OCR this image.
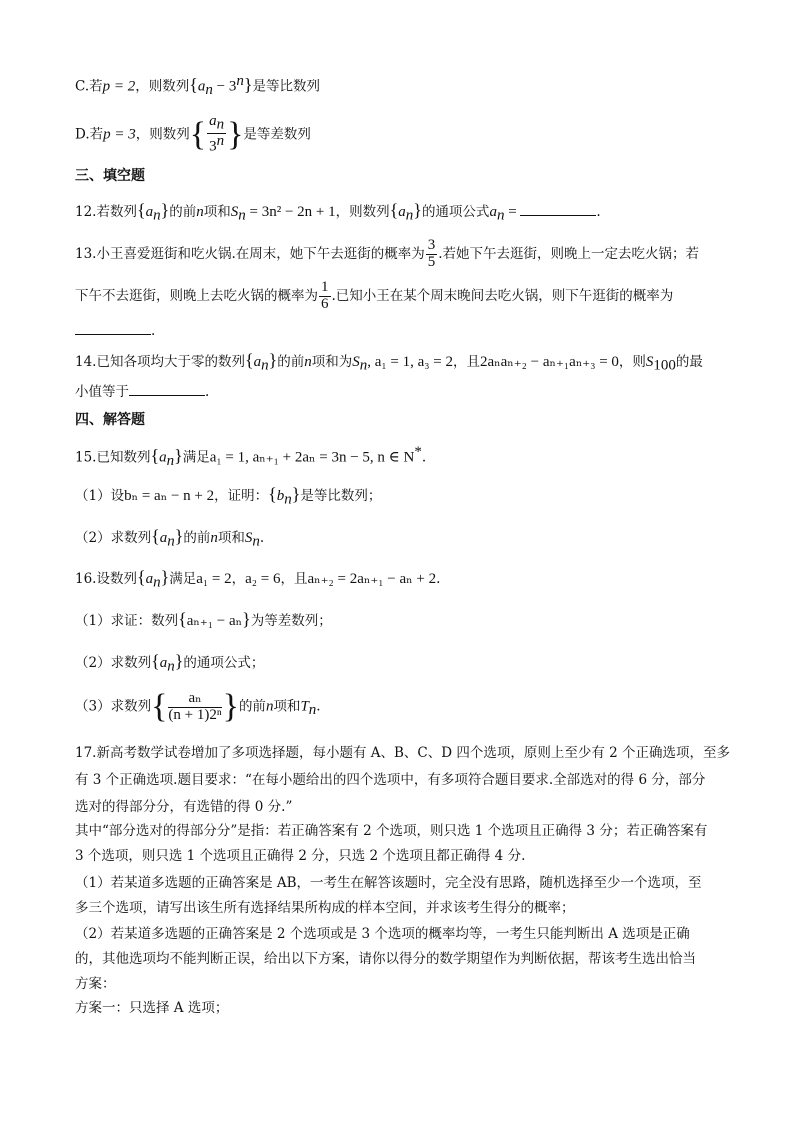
C.若p = 2，则数列$\{a_n - 3^n\}$是等比数列
D.若p = 3，则数列{ $\frac{a_n}{3^n}$ }是等差数列
三、填空题
12.若数列$\{a_n\}$的前n项和$S_n = 3n^2 - 2n + 1$，则数列$\{a_n\}$的通项公式$a_n$ =	.
13.小王喜爱逛街和吃火锅.在周末，她下午去逛街的概率为 $\frac{3}{5}$ .若她下午去逛街，则晚上一定去吃火锅；若
下午不去逛街，则晚上去吃火锅的概率为 $\frac{1}{6}$ .已知小王在某个周末晚间去吃火锅，则下午逛街的概率为
.
14.已知各项均大于零的数列$\{a_n\}$的前n项和为$S_n$, a₁ = 1, a₃ = 2，且2aₙaₙ₊₂ − aₙ₊₁aₙ₊₃ = 0，则$S_{100}$的最
小值等于	.
四、解答题
15.已知数列$\{a_n\}$满足a₁ = 1, aₙ₊₁ + 2aₙ = 3n − 5, n ∈ N*.
（1）设bₙ = aₙ − n + 2，证明：$\{b_n\}$是等比数列；
（2）求数列$\{a_n\}$的前n项和$S_n$.
16.设数列$\{a_n\}$满足a₁ = 2，a₂ = 6，且aₙ₊₂ = 2aₙ₊₁ − aₙ + 2.
（1）求证：数列{aₙ₊₁ − aₙ}为等差数列；
（2）求数列$\{a_n\}$的通项公式；
（3）求数列{ $\frac{\text{aₙ}}{\text{(n + 1)2ⁿ}}$ }的前n项和$T_n$.
17.新高考数学试卷增加了多项选择题，每小题有 A、B、C、D 四个选项，原则上至少有 2 个正确选项，至多
有 3 个正确选项.题目要求：“在每小题给出的四个选项中，有多项符合题目要求.全部选对的得 6 分，部分
选对的得部分分，有选错的得 0 分.”
其中“部分选对的得部分分”是指：若正确答案有 2 个选项，则只选 1 个选项且正确得 3 分；若正确答案有
3 个选项，则只选 1 个选项且正确得 2 分，只选 2 个选项且都正确得 4 分.
（1）若某道多选题的正确答案是 AB，一考生在解答该题时，完全没有思路，随机选择至少一个选项，至
多三个选项，请写出该生所有选择结果所构成的样本空间，并求该考生得分的概率；
（2）若某道多选题的正确答案是 2 个选项或是 3 个选项的概率均等，一考生只能判断出 A 选项是正确
的，其他选项均不能判断正误，给出以下方案，请你以得分的数学期望作为判断依据，帮该考生选出恰当
方案：
方案一：只选择 A 选项；
